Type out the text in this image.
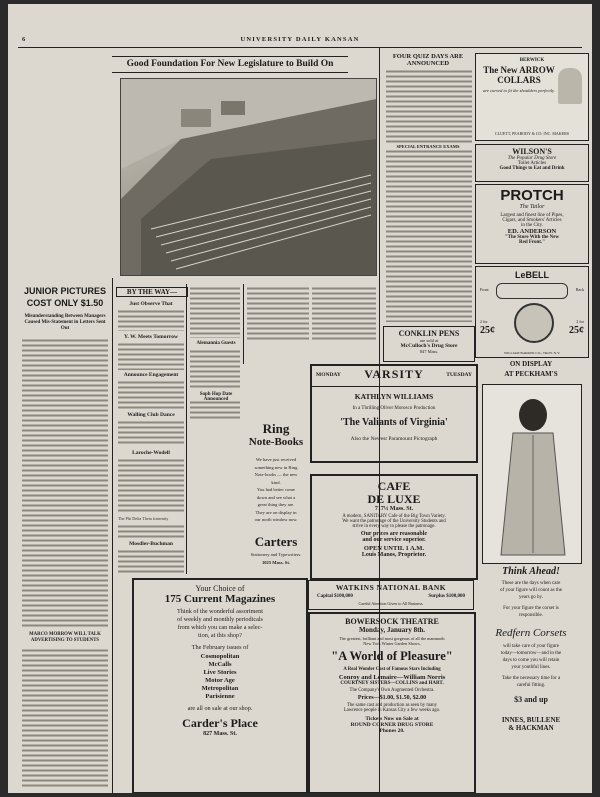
6	UNIVERSITY DAILY KANSAN
Good Foundation For New Legislature to Build On
FOUR QUIZ DAYS ARE ANNOUNCED
SPECIAL ENTRANCE EXAMS
BERWICK
The New ARROW COLLARS
are curved to fit the shoulders perfectly.
CLUETT, PEABODY & CO. INC. MAKERS
WILSON'S
The Popular Drug Store
Toilet Articles
Good Things to Eat and Drink
PROTCH
The Tailor
Largest and finest line of Pipes,
Cigars, and Smokers' Articles
in the City.
ED. ANDERSON
"The Store With the New
Red Front."
LeBELL
Front	Back
2 for
25¢
2 for
25¢
WILLIAM BARKER CO., TROY, N.Y.
CONKLIN PENS
are sold at
McCulloch's Drug Store
847 Mass.
ON DISPLAY
AT PECKHAM'S
Think Ahead!
These are the days when care
of your figure will count as the
years go by.
For your figure the corset is
responsible.
Redfern Corsets
will take care of your figure
today—tomorrow—and in the
days to come you will retain
your youthful lines.
Take the necessary time for a
careful fitting.
$3 and up
INNES, BULLENE
& HACKMAN
JUNIOR PICTURES
COST ONLY $1.50
Misunderstanding Between Managers Caused Mis-Statement in Letters Sent Out
MARCO MORROW WILL TALK ADVERTISING TO STUDENTS
BY THE WAY—
Just Observe That
Y. W. Meets Tomorrow
Announce Engagement
Walling Club Dance
Laroche-Wodell
The Phi Delta Theta fraternity
Mosdler-Buchman
Alemannia Guests
Soph Hop Date
MONDAY	VARSITY	TUESDAY
KATHLYN WILLIAMS
In a Thrilling Oliver Morosco Production
'The Valiants of Virginia'
Also the Newest Paramount Pictograph
Ring
Note-Books
We have just received
something new in Ring
Note-books — the new
kind.
You had better come
down and see what a
great thing they are.
They are on display in
our north window now.
Carters
Stationery and Typewriters.
1025 Mass. St.
CAFE
DE LUXE
717½ Mass. St.
A modern, SANITARY Cafe of the Big Town Variety.
We want the patronage of the University Students and
strive in every way to please the patronage.
Our prices are reasonable
and our service superior.
OPEN UNTIL 1 A.M.
Louis Manos, Proprietor.
Your Choice of
175 Current Magazines
Think of the wonderful assortment
of weekly and monthly periodicals
from which you can make a selec-
tion, at this shop?
The February issues of
Cosmopolitan
McCalls
Live Stories
Motor Age
Metropolitan
Parisienne
are all on sale at our shop.
Carder's Place
827 Mass. St.
WATKINS NATIONAL BANK
Capital $100,000	Surplus $100,000
Careful Attention Given to All Business.
BOWERSOCK THEATRE
Monday, January 8th.
The greatest, brilliant and most gorgeous of all the mammoth
New York Winter Garden Shows.
"A World of Pleasure"
A Real Wonder Cast of Famous Stars Including
Conroy and Lemaire—William Norris
COURTNEY SISTERS—COLLINS and HART.
The Company's Own Augmented Orchestra.
Prices—$1.00, $1.50, $2.00
The same cast and production as seen by many
Lawrence people in Kansas City a few weeks ago.
Tickets Now on Sale at
ROUND CORNER DRUG STORE
Phones 20.
